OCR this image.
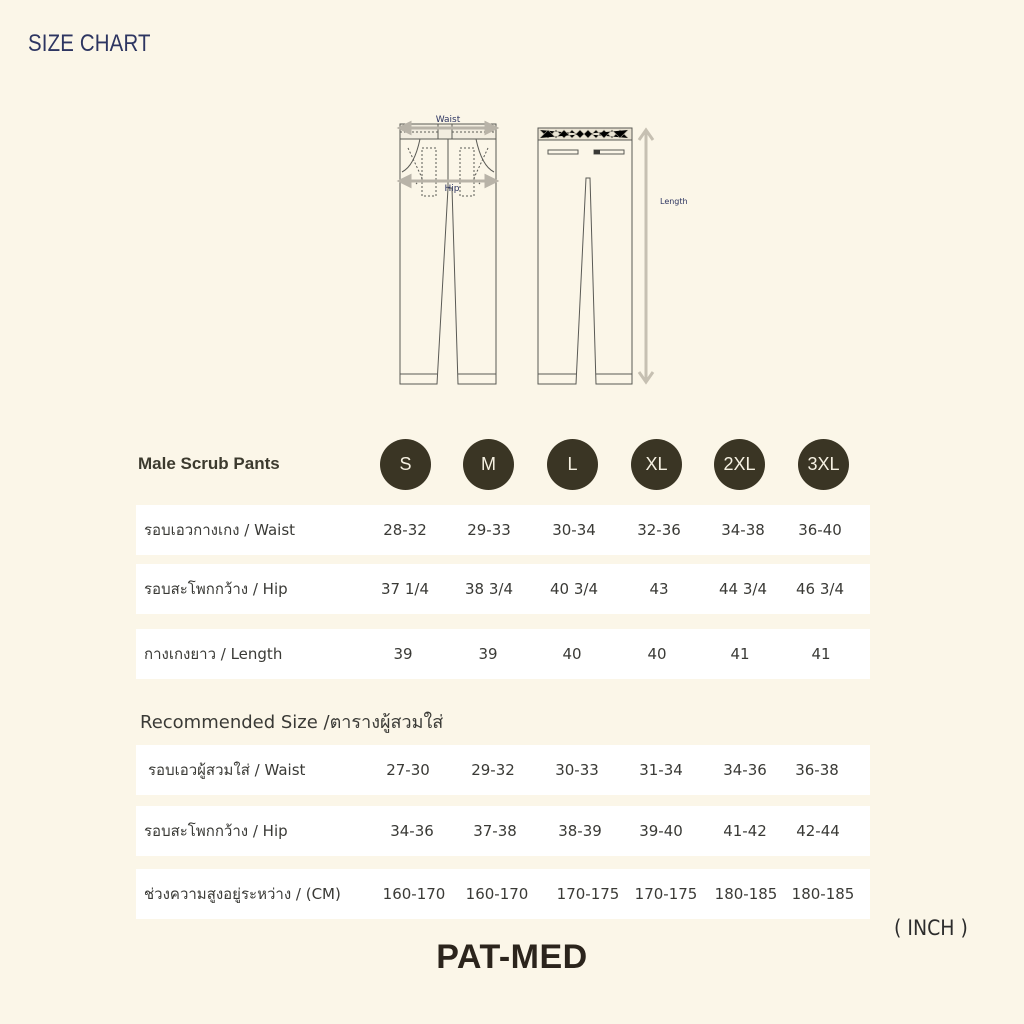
SIZE CHART
Waist
Hip
Length
Male Scrub Pants	S	M	L	XL	2XL	3XL
รอบเอวกางเกง / Waist	28-32	29-33	30-34	32-36	34-38	36-40
รอบสะโพกกว้าง / Hip	37 1/4	38 3/4	40 3/4	43	44 3/4	46 3/4
กางเกงยาว / Length	39	39	40	40	41	41
Recommended Size /ตารางผู้สวมใส่
รอบเอวผู้สวมใส่ / Waist	27-30	29-32	30-33	31-34	34-36	36-38
รอบสะโพกกว้าง / Hip	34-36	37-38	38-39	39-40	41-42	42-44
ช่วงความสูงอยู่ระหว่าง / (CM)	160-170	160-170	170-175	170-175	180-185 180-185
( INCH )
PAT-MED
